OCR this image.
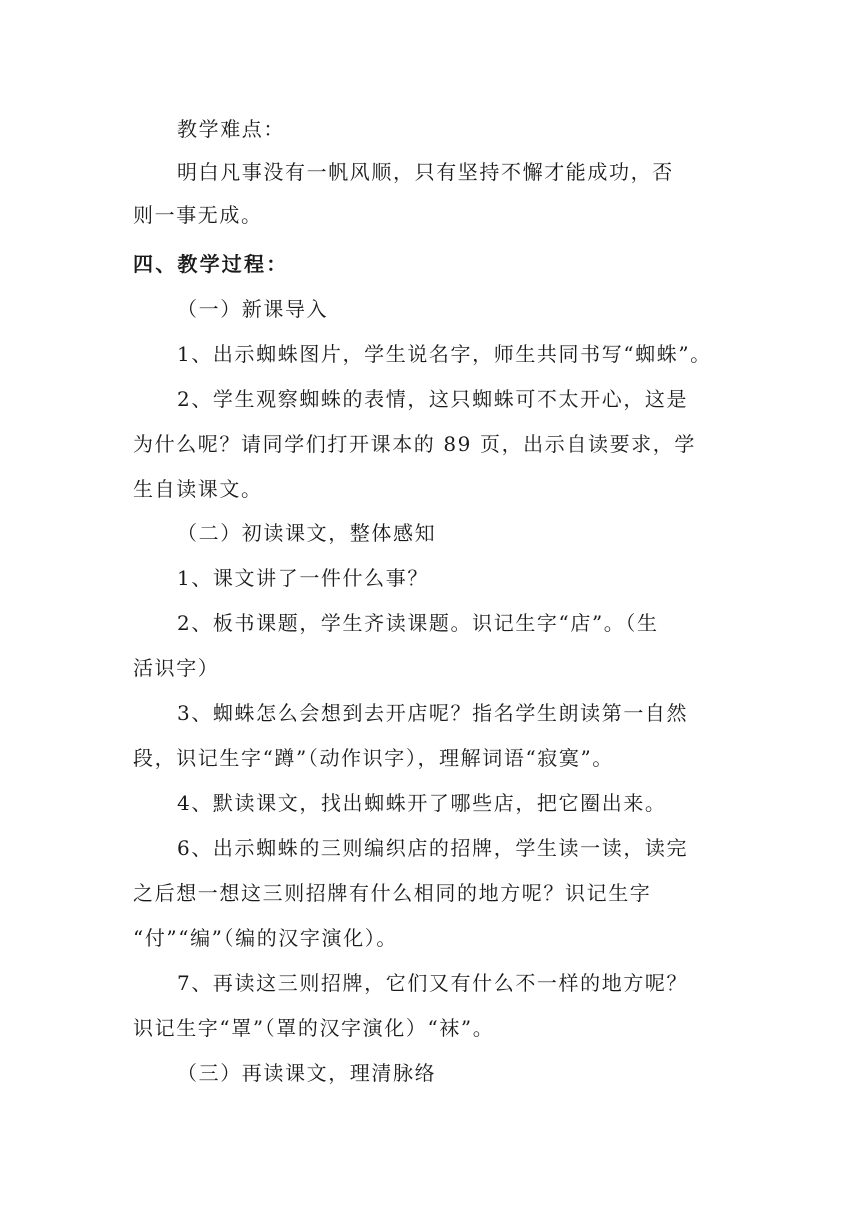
教学难点：
明白凡事没有一帆风顺，只有坚持不懈才能成功，否
则一事无成。
四、教学过程：
（一）新课导入
1、出示蜘蛛图片，学生说名字，师生共同书写“蜘蛛”。
2、学生观察蜘蛛的表情，这只蜘蛛可不太开心，这是
为什么呢？请同学们打开课本的 89 页，出示自读要求，学
生自读课文。
（二）初读课文，整体感知
1、课文讲了一件什么事？
2、板书课题，学生齐读课题。识记生字“店”。（生
活识字）
3、蜘蛛怎么会想到去开店呢？指名学生朗读第一自然
段，识记生字“蹲”（动作识字），理解词语“寂寞”。
4、默读课文，找出蜘蛛开了哪些店，把它圈出来。
6、出示蜘蛛的三则编织店的招牌，学生读一读，读完
之后想一想这三则招牌有什么相同的地方呢？识记生字
“付”“编”（编的汉字演化）。
7、再读这三则招牌，它们又有什么不一样的地方呢？
识记生字“罩”（罩的汉字演化）“袜”。
（三）再读课文，理清脉络
